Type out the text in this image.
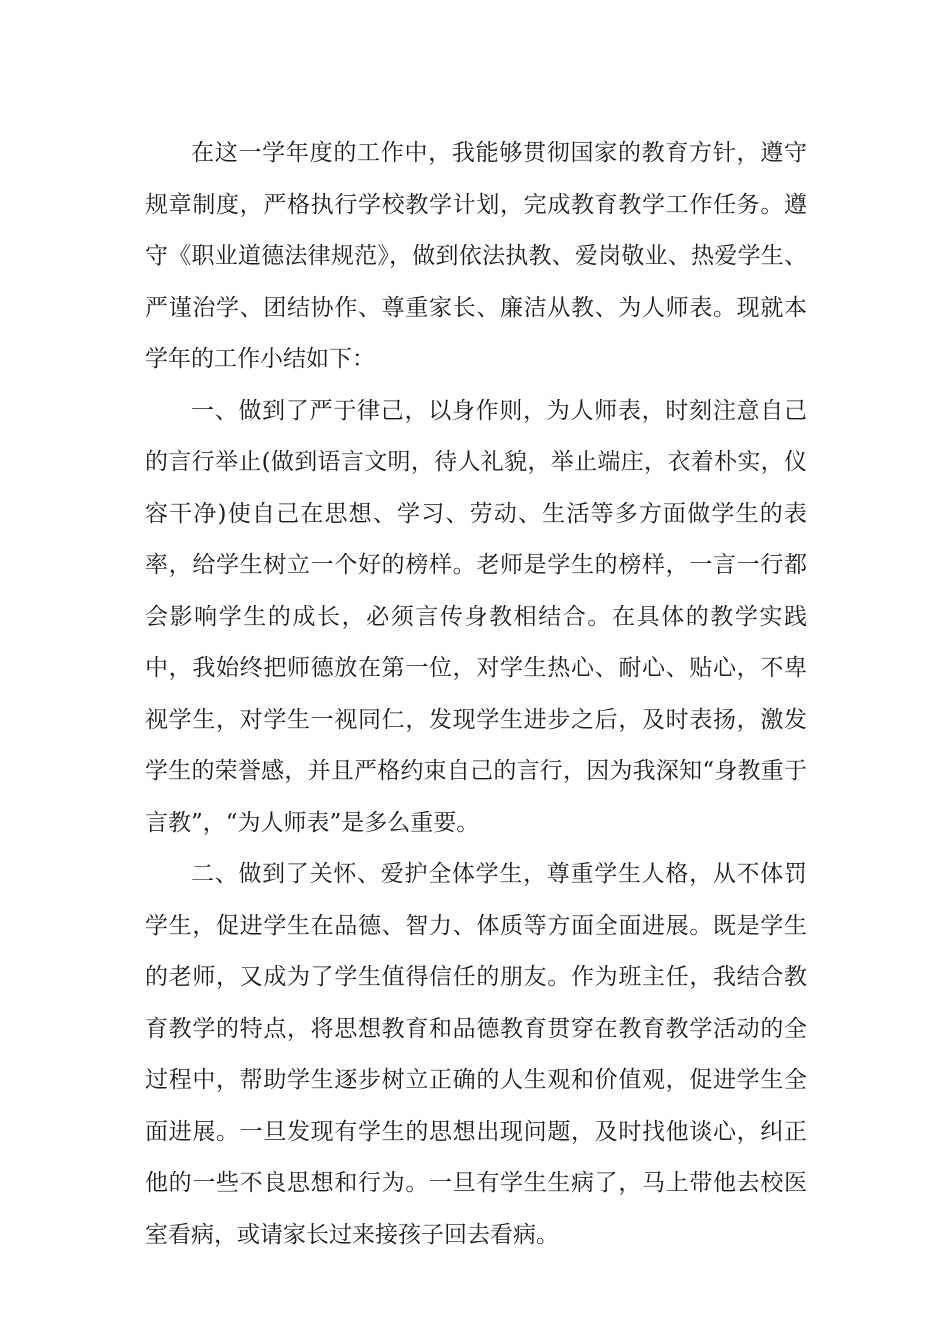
在这一学年度的工作中，我能够贯彻国家的教育方针，遵守规章制度，严格执行学校教学计划，完成教育教学工作任务。遵守《职业道德法律规范》，做到依法执教、爱岗敬业、热爱学生、严谨治学、团结协作、尊重家长、廉洁从教、为人师表。现就本学年的工作小结如下：

一、做到了严于律己，以身作则，为人师表，时刻注意自己的言行举止(做到语言文明，待人礼貌，举止端庄，衣着朴实，仪容干净)使自己在思想、学习、劳动、生活等多方面做学生的表率，给学生树立一个好的榜样。老师是学生的榜样，一言一行都会影响学生的成长，必须言传身教相结合。在具体的教学实践中，我始终把师德放在第一位，对学生热心、耐心、贴心，不卑视学生，对学生一视同仁，发现学生进步之后，及时表扬，激发学生的荣誉感，并且严格约束自己的言行，因为我深知“身教重于言教”，“为人师表”是多么重要。

二、做到了关怀、爱护全体学生，尊重学生人格，从不体罚学生，促进学生在品德、智力、体质等方面全面进展。既是学生的老师，又成为了学生值得信任的朋友。作为班主任，我结合教育教学的特点，将思想教育和品德教育贯穿在教育教学活动的全过程中，帮助学生逐步树立正确的人生观和价值观，促进学生全面进展。一旦发现有学生的思想出现问题，及时找他谈心，纠正他的一些不良思想和行为。一旦有学生生病了，马上带他去校医室看病，或请家长过来接孩子回去看病。
